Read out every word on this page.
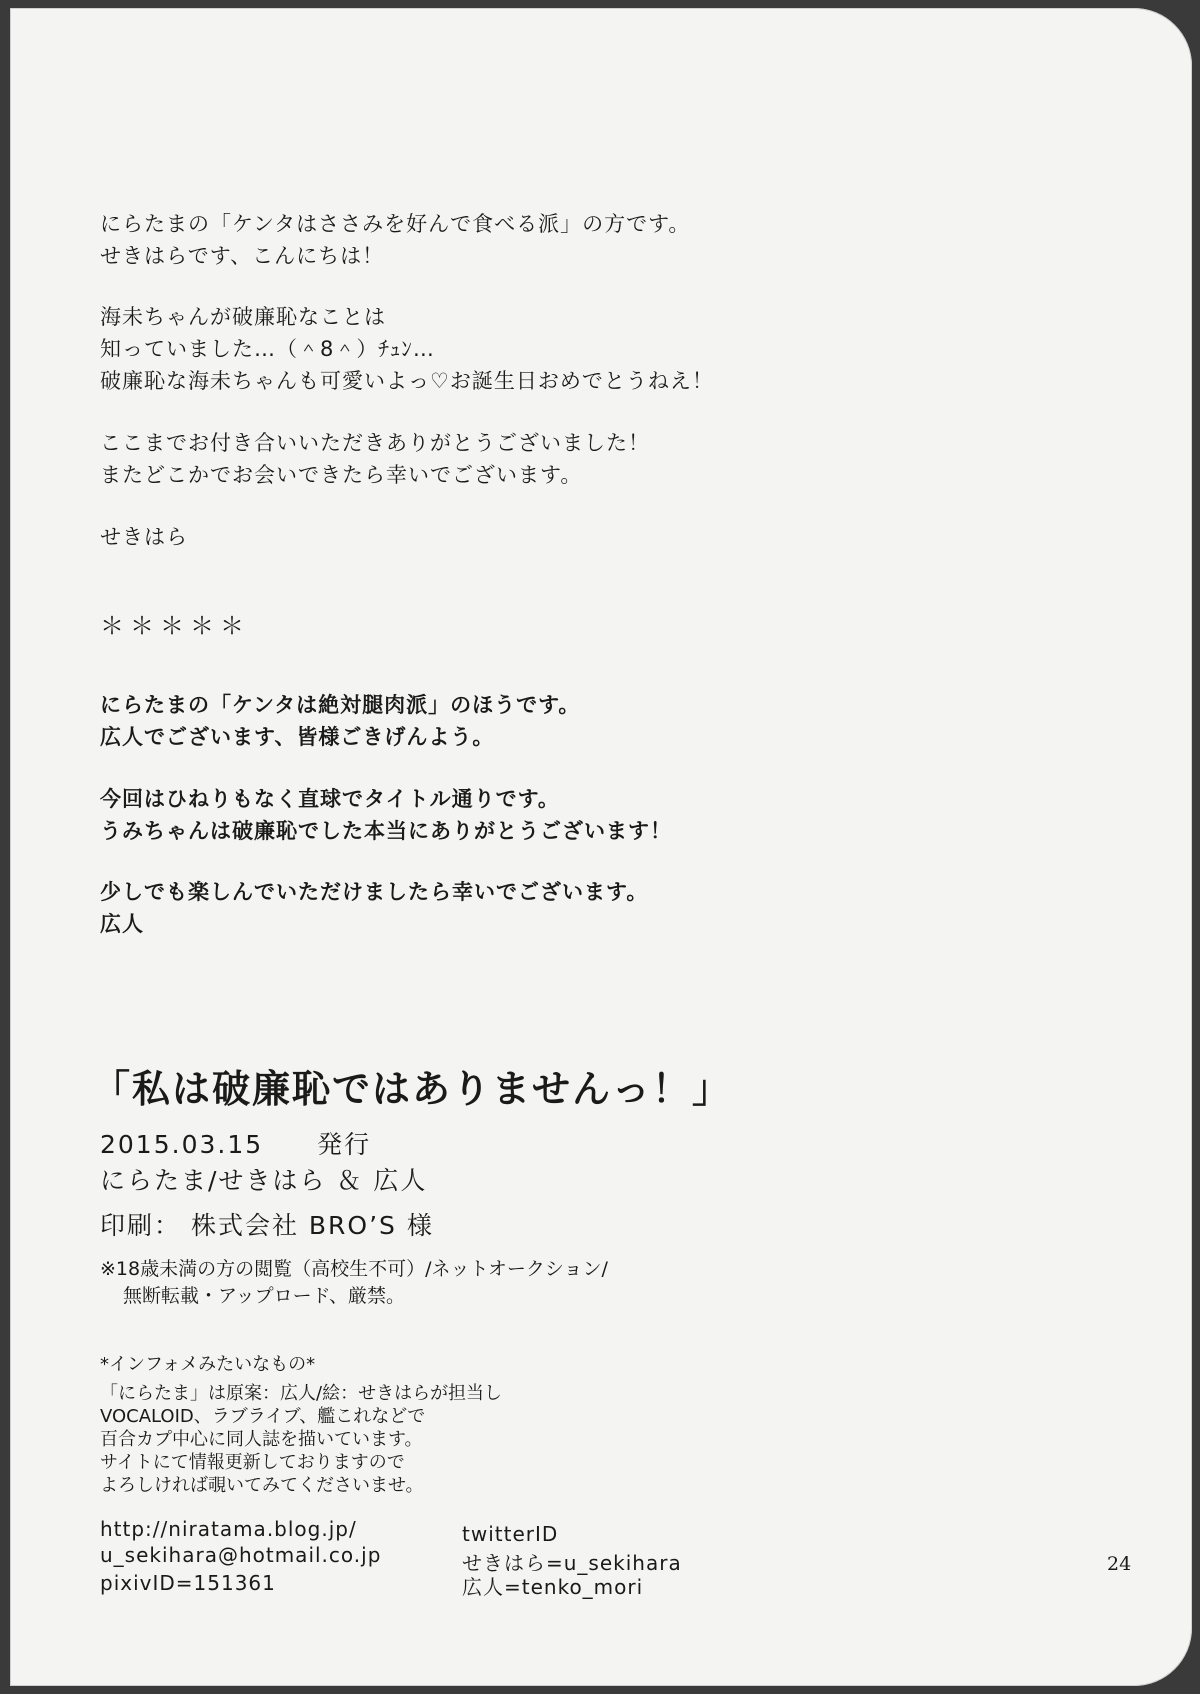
にらたまの「ケンタはささみを好んで食べる派」の方です。
せきはらです、こんにちは！
海未ちゃんが破廉恥なことは
知っていました…（＾8＾）ﾁｭﾝ…
破廉恥な海未ちゃんも可愛いよっ♡お誕生日おめでとうねえ！
ここまでお付き合いいただきありがとうございました！
またどこかでお会いできたら幸いでございます。
せきはら
＊＊＊＊＊
にらたまの「ケンタは絶対腿肉派」のほうです。
広人でございます、皆様ごきげんよう。
今回はひねりもなく直球でタイトル通りです。
うみちゃんは破廉恥でした本当にありがとうございます！
少しでも楽しんでいただけましたら幸いでございます。
広人
「私は破廉恥ではありませんっ！」
2015.03.15　　発行
にらたま/せきはら ＆ 広人
印刷： 株式会社 BRO’S 様
※18歳未満の方の閲覧（高校生不可）/ネットオークション/
無断転載・アップロード、厳禁。
*インフォメみたいなもの*
「にらたま」は原案：広人/絵：せきはらが担当し
VOCALOID、ラブライブ、艦これなどで
百合カプ中心に同人誌を描いています。
サイトにて情報更新しておりますので
よろしければ覗いてみてくださいませ。
http://niratama.blog.jp/
u_sekihara@hotmail.co.jp
pixivID=151361
twitterID
せきはら=u_sekihara
広人=tenko_mori
24
